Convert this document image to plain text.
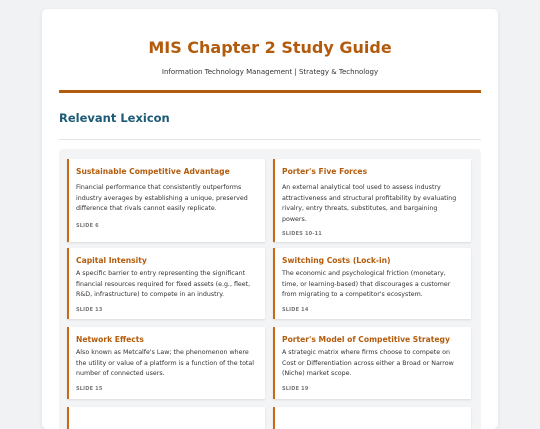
MIS Chapter 2 Study Guide
Information Technology Management | Strategy & Technology
Relevant Lexicon
Sustainable Competitive Advantage

Financial performance that consistently outperforms industry averages by establishing a unique, preserved difference that rivals cannot easily replicate.

SLIDE 6
Porter's Five Forces

An external analytical tool used to assess industry attractiveness and structural profitability by evaluating rivalry, entry threats, substitutes, and bargaining powers.

SLIDES 10-11
Capital Intensity

A specific barrier to entry representing the significant financial resources required for fixed assets (e.g., fleet, R&D, infrastructure) to compete in an industry.

SLIDE 13
Switching Costs (Lock-in)

The economic and psychological friction (monetary, time, or learning-based) that discourages a customer from migrating to a competitor's ecosystem.

SLIDE 14
Network Effects

Also known as Metcalfe's Law; the phenomenon where the utility or value of a platform is a function of the total number of connected users.

SLIDE 15
Porter's Model of Competitive Strategy

A strategic matrix where firms choose to compete on Cost or Differentiation across either a Broad or Narrow (Niche) market scope.

SLIDE 19
